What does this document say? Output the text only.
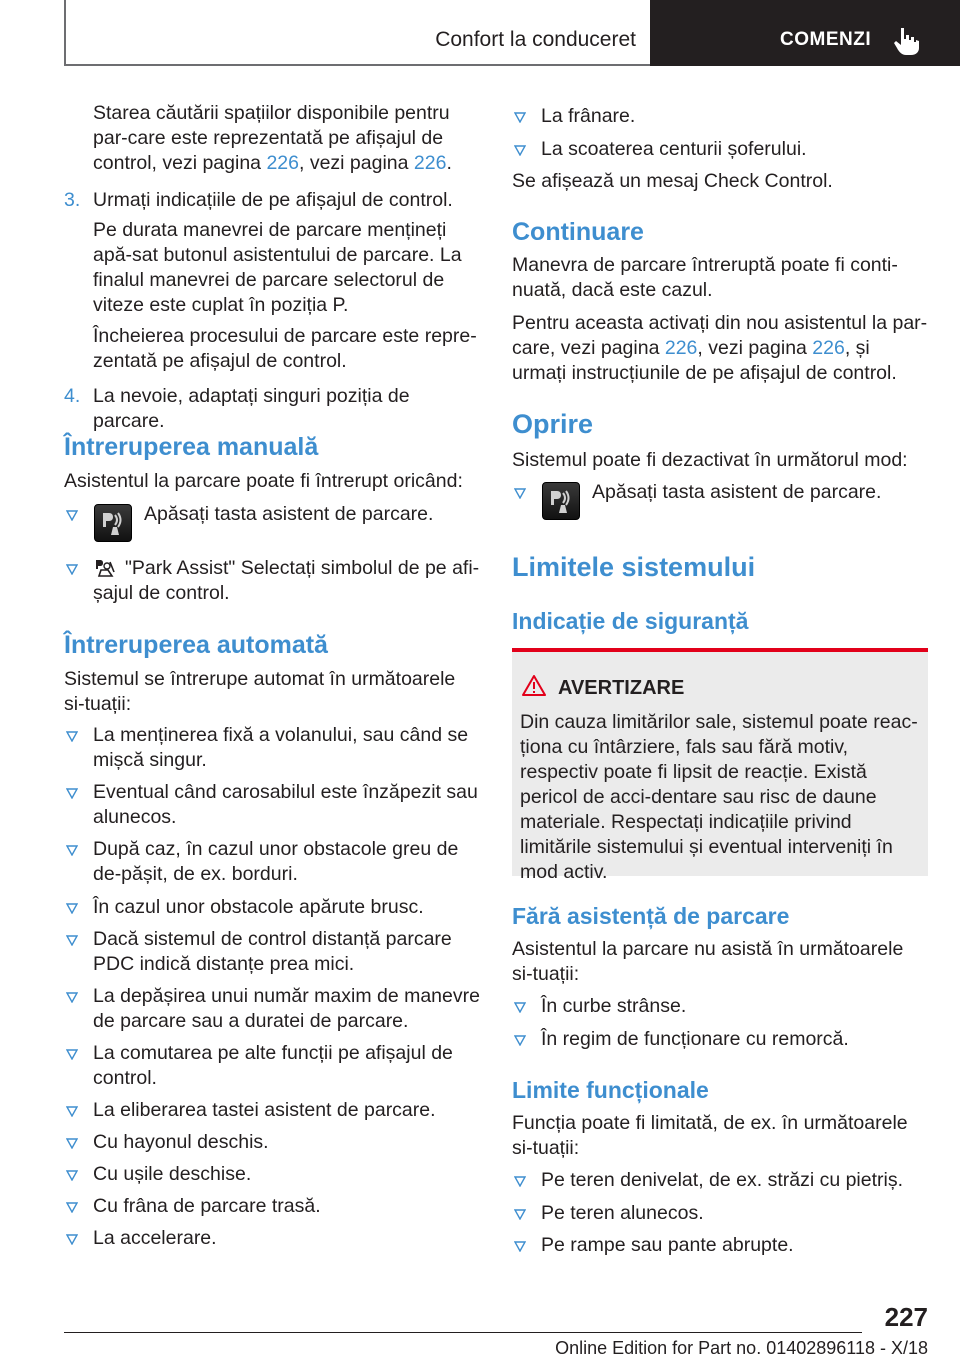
Confort la conduceret	COMENZI
Starea căutării spațiilor disponibile pentru par-care este reprezentată pe afișajul de control, vezi pagina 226, vezi pagina 226.
3. Urmați indicațiile de pe afișajul de control.
Pe durata manevrei de parcare mențineți apă-sat butonul asistentului de parcare. La finalul manevrei de parcare selectorul de viteze este cuplat în poziția P.
Încheierea procesului de parcare este repre-zentată pe afișajul de control.
4. La nevoie, adaptați singuri poziția de parcare.
Întreruperea manuală
Asistentul la parcare poate fi întrerupt oricând:
Apăsați tasta asistent de parcare.
"Park Assist" Selectați simbolul de pe afi-șajul de control.
Întreruperea automată
Sistemul se întrerupe automat în următoarele si-tuații:
La menținerea fixă a volanului, sau când se mișcă singur.
Eventual când carosabilul este înzăpezit sau alunecos.
După caz, în cazul unor obstacole greu de de-pășit, de ex. borduri.
În cazul unor obstacole apărute brusc.
Dacă sistemul de control distanță parcare PDC indică distanțe prea mici.
La depășirea unui număr maxim de manevre de parcare sau a duratei de parcare.
La comutarea pe alte funcții pe afișajul de control.
La eliberarea tastei asistent de parcare.
Cu hayonul deschis.
Cu ușile deschise.
Cu frâna de parcare trasă.
La accelerare.
La frânare.
La scoaterea centurii șoferului.
Se afișează un mesaj Check Control.
Continuare
Manevra de parcare întreruptă poate fi conti-nuată, dacă este cazul.
Pentru aceasta activați din nou asistentul la par-care, vezi pagina 226, vezi pagina 226, și urmați instrucțiunile de pe afișajul de control.
Oprire
Sistemul poate fi dezactivat în următorul mod:
Apăsați tasta asistent de parcare.
Limitele sistemului
Indicație de siguranță
AVERTIZARE
Din cauza limitărilor sale, sistemul poate reac-ționa cu întârziere, fals sau fără motiv, respectiv poate fi lipsit de reacție. Există pericol de acci-dentare sau risc de daune materiale. Respectați indicațiile privind limitările sistemului și eventual interveniți în mod activ.
Fără asistență de parcare
Asistentul la parcare nu asistă în următoarele si-tuații:
În curbe strânse.
În regim de funcționare cu remorcă.
Limite funcționale
Funcția poate fi limitată, de ex. în următoarele si-tuații:
Pe teren denivelat, de ex. străzi cu pietriș.
Pe teren alunecos.
Pe rampe sau pante abrupte.
227
Online Edition for Part no. 01402896118 - X/18
